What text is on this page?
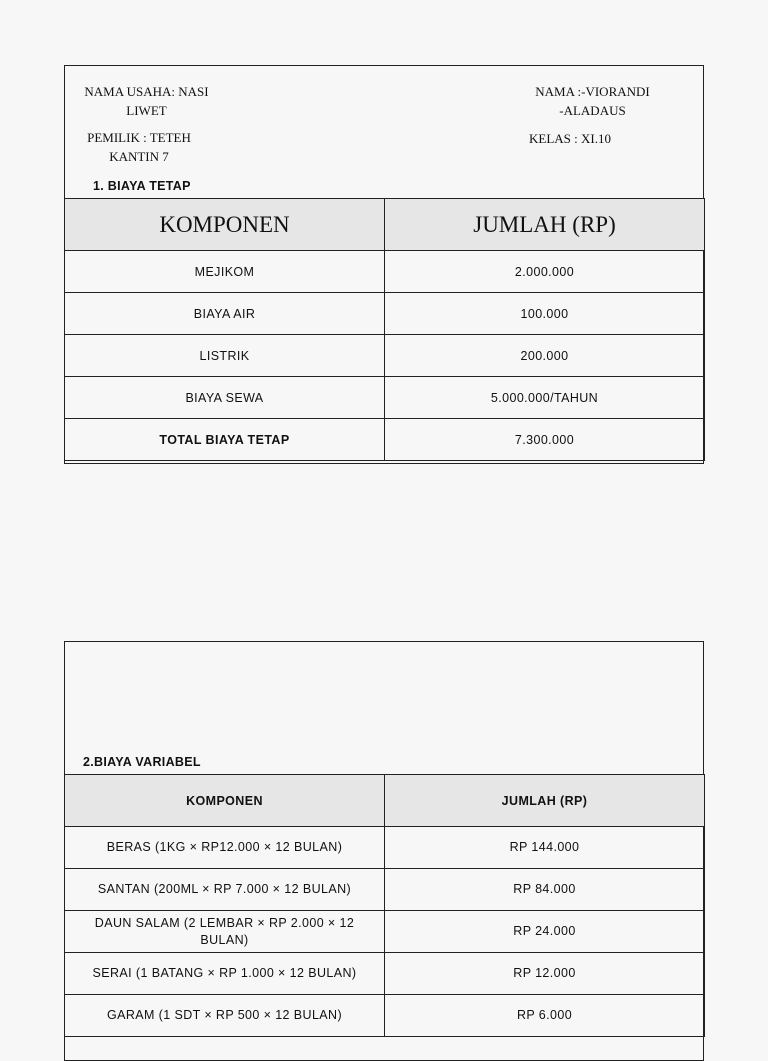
NAMA USAHA: NASI
LIWET
PEMILIK : TETEH
KANTIN 7
NAMA :-VIORANDI
-ALADAUS
KELAS : XI.10
1. BIAYA TETAP
KOMPONEN	JUMLAH (RP)
MEJIKOM	2.000.000
BIAYA AIR	100.000
LISTRIK	200.000
BIAYA SEWA	5.000.000/TAHUN
TOTAL BIAYA TETAP	7.300.000
2.BIAYA VARIABEL
KOMPONEN	JUMLAH (RP)
BERAS (1KG × RP12.000 × 12 BULAN)	RP 144.000
SANTAN (200ML × RP 7.000 × 12 BULAN)	RP 84.000
DAUN SALAM (2 LEMBAR × RP 2.000 × 12 BULAN)	RP 24.000
SERAI (1 BATANG × RP 1.000 × 12 BULAN)	RP 12.000
GARAM (1 SDT × RP 500 × 12 BULAN)	RP 6.000
